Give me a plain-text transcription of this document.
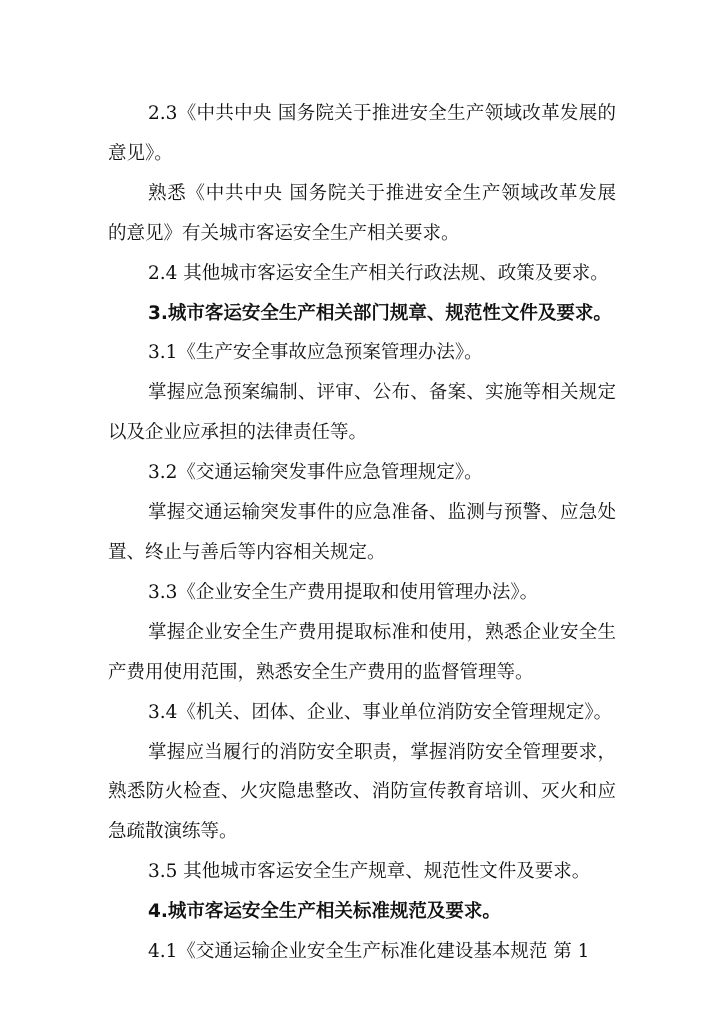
2.3《中共中央 国务院关于推进安全生产领域改革发展的意见》。

熟悉《中共中央 国务院关于推进安全生产领域改革发展的意见》有关城市客运安全生产相关要求。

2.4 其他城市客运安全生产相关行政法规、政策及要求。

3.城市客运安全生产相关部门规章、规范性文件及要求。

3.1《生产安全事故应急预案管理办法》。

掌握应急预案编制、评审、公布、备案、实施等相关规定以及企业应承担的法律责任等。

3.2《交通运输突发事件应急管理规定》。

掌握交通运输突发事件的应急准备、监测与预警、应急处置、终止与善后等内容相关规定。

3.3《企业安全生产费用提取和使用管理办法》。

掌握企业安全生产费用提取标准和使用，熟悉企业安全生产费用使用范围，熟悉安全生产费用的监督管理等。

3.4《机关、团体、企业、事业单位消防安全管理规定》。

掌握应当履行的消防安全职责，掌握消防安全管理要求，熟悉防火检查、火灾隐患整改、消防宣传教育培训、灭火和应急疏散演练等。

3.5 其他城市客运安全生产规章、规范性文件及要求。

4.城市客运安全生产相关标准规范及要求。

4.1《交通运输企业安全生产标准化建设基本规范 第 1
